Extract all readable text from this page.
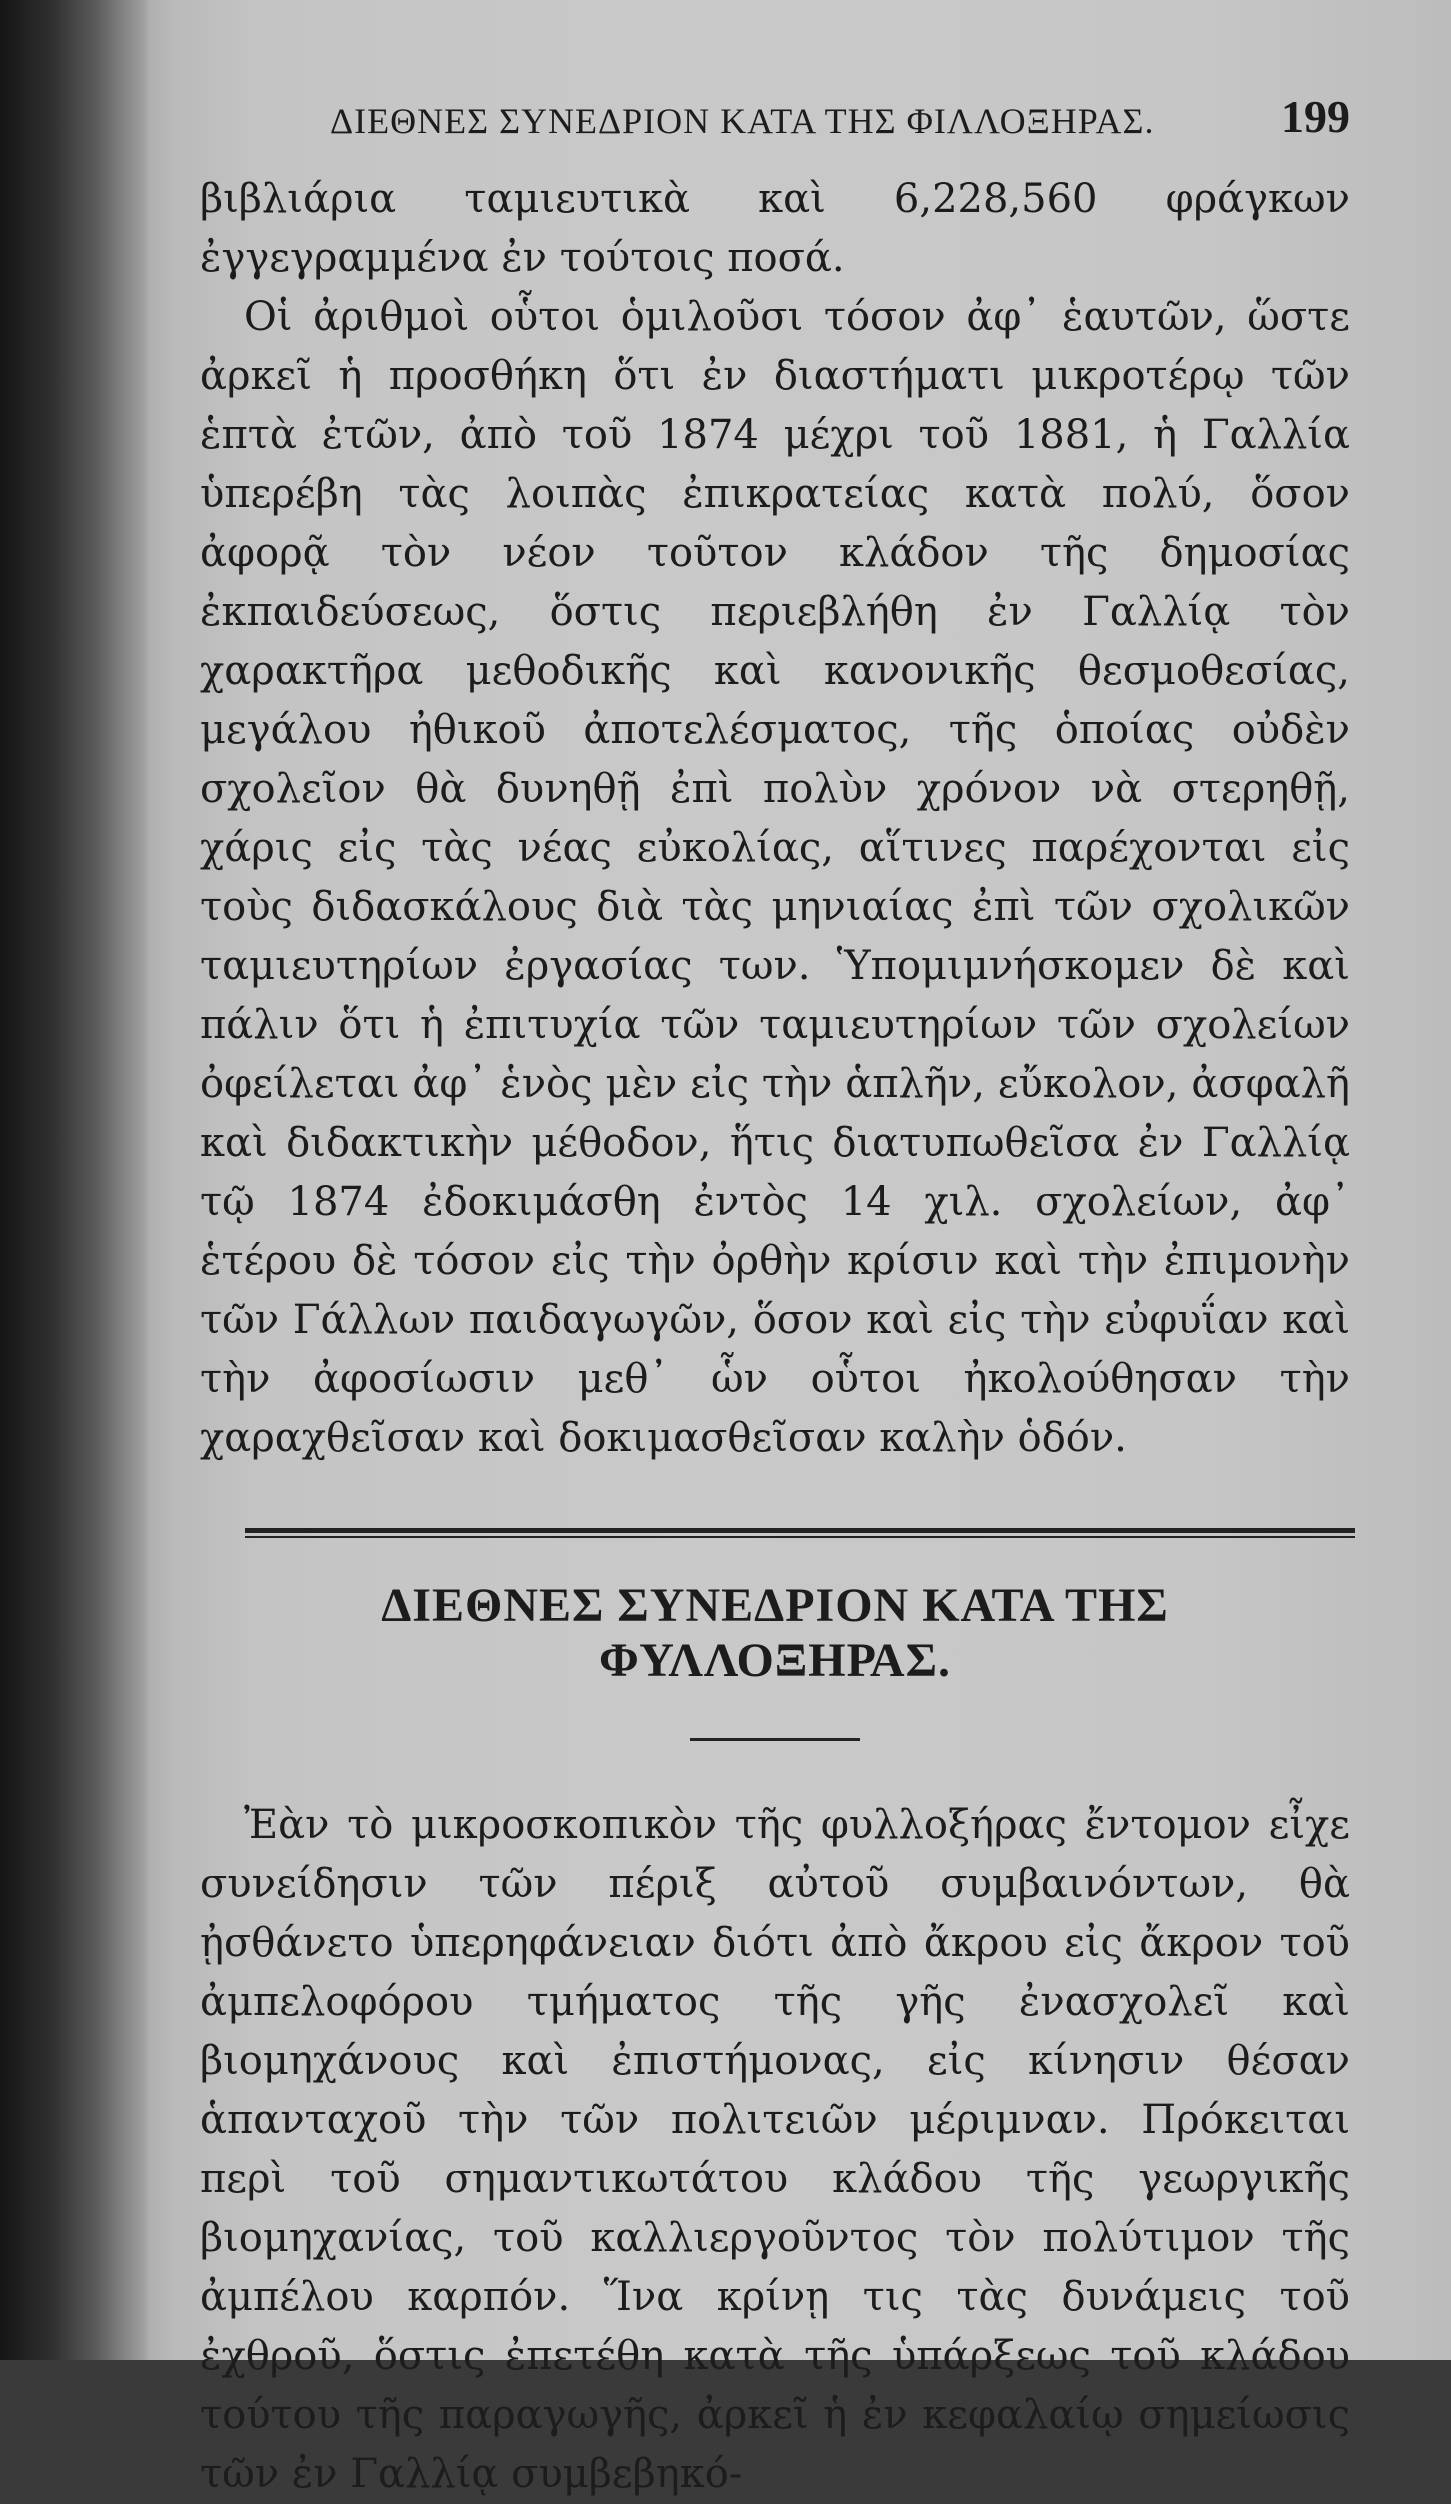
ΔΙΕΘΝΕΣ ΣΥΝΕΔΡΙΟΝ ΚΑΤΑ ΤΗΣ ΦΙΛΛΟΞΗΡΑΣ.	199

βιβλιάρια ταμιευτικὰ καὶ 6,228,560 φράγκων ἐγγεγραμμένα ἐν τούτοις ποσά.

Οἱ ἀριθμοὶ οὗτοι ὁμιλοῦσι τόσον ἀφ᾿ ἑαυτῶν, ὥστε ἀρκεῖ ἡ προσθήκη ὅτι ἐν διαστήματι μικροτέρῳ τῶν ἑπτὰ ἐτῶν, ἀπὸ τοῦ 1874 μέχρι τοῦ 1881, ἡ Γαλλία ὑπερέβη τὰς λοιπὰς ἐπικρατείας κατὰ πολύ, ὅσον ἀφορᾷ τὸν νέον τοῦτον κλάδον τῆς δημοσίας ἐκπαιδεύσεως, ὅστις περιεβλήθη ἐν Γαλλίᾳ τὸν χαρακτῆρα μεθοδικῆς καὶ κανονικῆς θεσμοθεσίας, μεγάλου ἠθικοῦ ἀποτελέσματος, τῆς ὁποίας οὐδὲν σχολεῖον θὰ δυνηθῇ ἐπὶ πολὺν χρόνον νὰ στερηθῇ, χάρις εἰς τὰς νέας εὐκολίας, αἵτινες παρέχονται εἰς τοὺς διδασκάλους διὰ τὰς μηνιαίας ἐπὶ τῶν σχολικῶν ταμιευτηρίων ἐργασίας των. Ὑπομιμνήσκομεν δὲ καὶ πάλιν ὅτι ἡ ἐπιτυχία τῶν ταμιευτηρίων τῶν σχολείων ὀφείλεται ἀφ᾿ ἑνὸς μὲν εἰς τὴν ἁπλῆν, εὔκολον, ἀσφαλῆ καὶ διδακτικὴν μέθοδον, ἥτις διατυπωθεῖσα ἐν Γαλλίᾳ τῷ 1874 ἐδοκιμάσθη ἐντὸς 14 χιλ. σχολείων, ἀφ᾿ ἑτέρου δὲ τόσον εἰς τὴν ὀρθὴν κρίσιν καὶ τὴν ἐπιμονὴν τῶν Γάλλων παιδαγωγῶν, ὅσον καὶ εἰς τὴν εὐφυΐαν καὶ τὴν ἀφοσίωσιν μεθ᾿ ὧν οὗτοι ἠκολούθησαν τὴν χαραχθεῖσαν καὶ δοκιμασθεῖσαν καλὴν ὁδόν.

ΔΙΕΘΝΕΣ ΣΥΝΕΔΡΙΟΝ ΚΑΤΑ ΤΗΣ ΦΥΛΛΟΞΗΡΑΣ.

Ἐὰν τὸ μικροσκοπικὸν τῆς φυλλοξήρας ἔντομον εἶχε συνείδησιν τῶν πέριξ αὐτοῦ συμβαινόντων, θὰ ᾐσθάνετο ὑπερηφάνειαν διότι ἀπὸ ἄκρου εἰς ἄκρον τοῦ ἀμπελοφόρου τμήματος τῆς γῆς ἐνασχολεῖ καὶ βιομηχάνους καὶ ἐπιστήμονας, εἰς κίνησιν θέσαν ἁπανταχοῦ τὴν τῶν πολιτειῶν μέριμναν. Πρόκειται περὶ τοῦ σημαντικωτάτου κλάδου τῆς γεωργικῆς βιομηχανίας, τοῦ καλλιεργοῦντος τὸν πολύτιμον τῆς ἀμπέλου καρπόν. Ἵνα κρίνῃ τις τὰς δυνάμεις τοῦ ἐχθροῦ, ὅστις ἐπετέθη κατὰ τῆς ὑπάρξεως τοῦ κλάδου τούτου τῆς παραγωγῆς, ἀρκεῖ ἡ ἐν κεφαλαίῳ σημείωσις τῶν ἐν Γαλλίᾳ συμβεβηκό-
